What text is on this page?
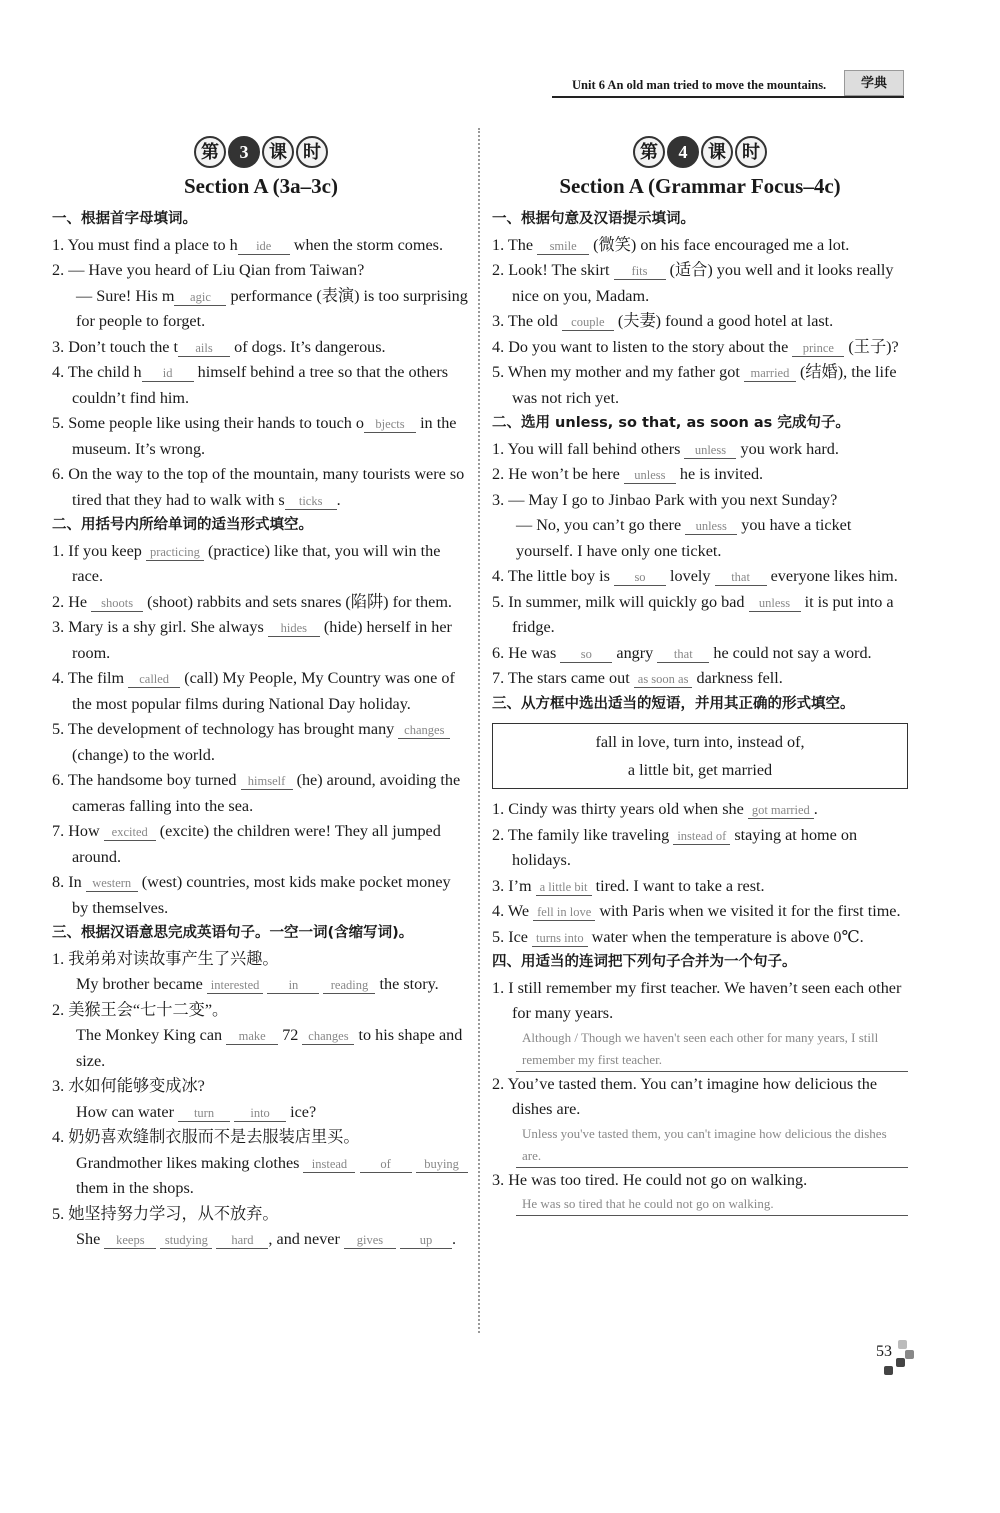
Unit 6 An old man tried to move the mountains.	学典
第 3 课 时
Section A (3a–3c)
一、根据首字母填词。
1. You must find a place to h ide when the storm comes.
2. — Have you heard of Liu Qian from Taiwan?
— Sure! His m agic performance (表演) is too surprising for people to forget.
3. Don’t touch the t ails of dogs. It’s dangerous.
4. The child h id himself behind a tree so that the others couldn’t find him.
5. Some people like using their hands to touch o bjects in the museum. It’s wrong.
6. On the way to the top of the mountain, many tourists were so tired that they had to walk with s ticks .
二、用括号内所给单词的适当形式填空。
1. If you keep practicing (practice) like that, you will win the race.
2. He shoots (shoot) rabbits and sets snares (陷阱) for them.
3. Mary is a shy girl. She always hides (hide) herself in her room.
4. The film called (call) My People, My Country was one of the most popular films during National Day holiday.
5. The development of technology has brought many changes (change) to the world.
6. The handsome boy turned himself (he) around, avoiding the cameras falling into the sea.
7. How excited (excite) the children were! They all jumped around.
8. In western (west) countries, most kids make pocket money by themselves.
三、根据汉语意思完成英语句子。一空一词(含缩写词)。
1. 我弟弟对读故事产生了兴趣。
My brother became interested in	reading the story.
2. 美猴王会“七十二变”。
The Monkey King can make 72 changes to his shape and size.
3. 水如何能够变成冰?
How can water turn	into ice?
4. 奶奶喜欢缝制衣服而不是去服装店里买。
Grandmother likes making clothes instead	of	buying them in the shops.
5. 她坚持努力学习，从不放弃。
She keeps studying hard , and never gives	up .
第 4 课 时
Section A (Grammar Focus–4c)
一、根据句意及汉语提示填词。
1. The smile (微笑) on his face encouraged me a lot.
2. Look! The skirt fits (适合) you well and it looks really nice on you, Madam.
3. The old couple (夫妻) found a good hotel at last.
4. Do you want to listen to the story about the prince (王子)?
5. When my mother and my father got married (结婚), the life was not rich yet.
二、选用 unless, so that, as soon as 完成句子。
1. You will fall behind others unless you work hard.
2. He won’t be here unless he is invited.
3. — May I go to Jinbao Park with you next Sunday?
— No, you can’t go there unless you have a ticket yourself. I have only one ticket.
4. The little boy is so lovely that everyone likes him.
5. In summer, milk will quickly go bad unless it is put into a fridge.
6. He was so angry that he could not say a word.
7. The stars came out as soon as darkness fell.
三、从方框中选出适当的短语，并用其正确的形式填空。
fall in love, turn into, instead of,
a little bit, get married
1. Cindy was thirty years old when she got married .
2. The family like traveling instead of staying at home on holidays.
3. I’m a little bit tired. I want to take a rest.
4. We fell in love with Paris when we visited it for the first time.
5. Ice turns into water when the temperature is above 0℃.
四、用适当的连词把下列句子合并为一个句子。
1. I still remember my first teacher. We haven’t seen each other for many years.
Although / Though we haven't seen each other for many years, I still remember my first teacher.
2. You’ve tasted them. You can’t imagine how delicious the dishes are.
Unless you've tasted them, you can't imagine how delicious the dishes are.
3. He was too tired. He could not go on walking.
He was so tired that he could not go on walking.
53
